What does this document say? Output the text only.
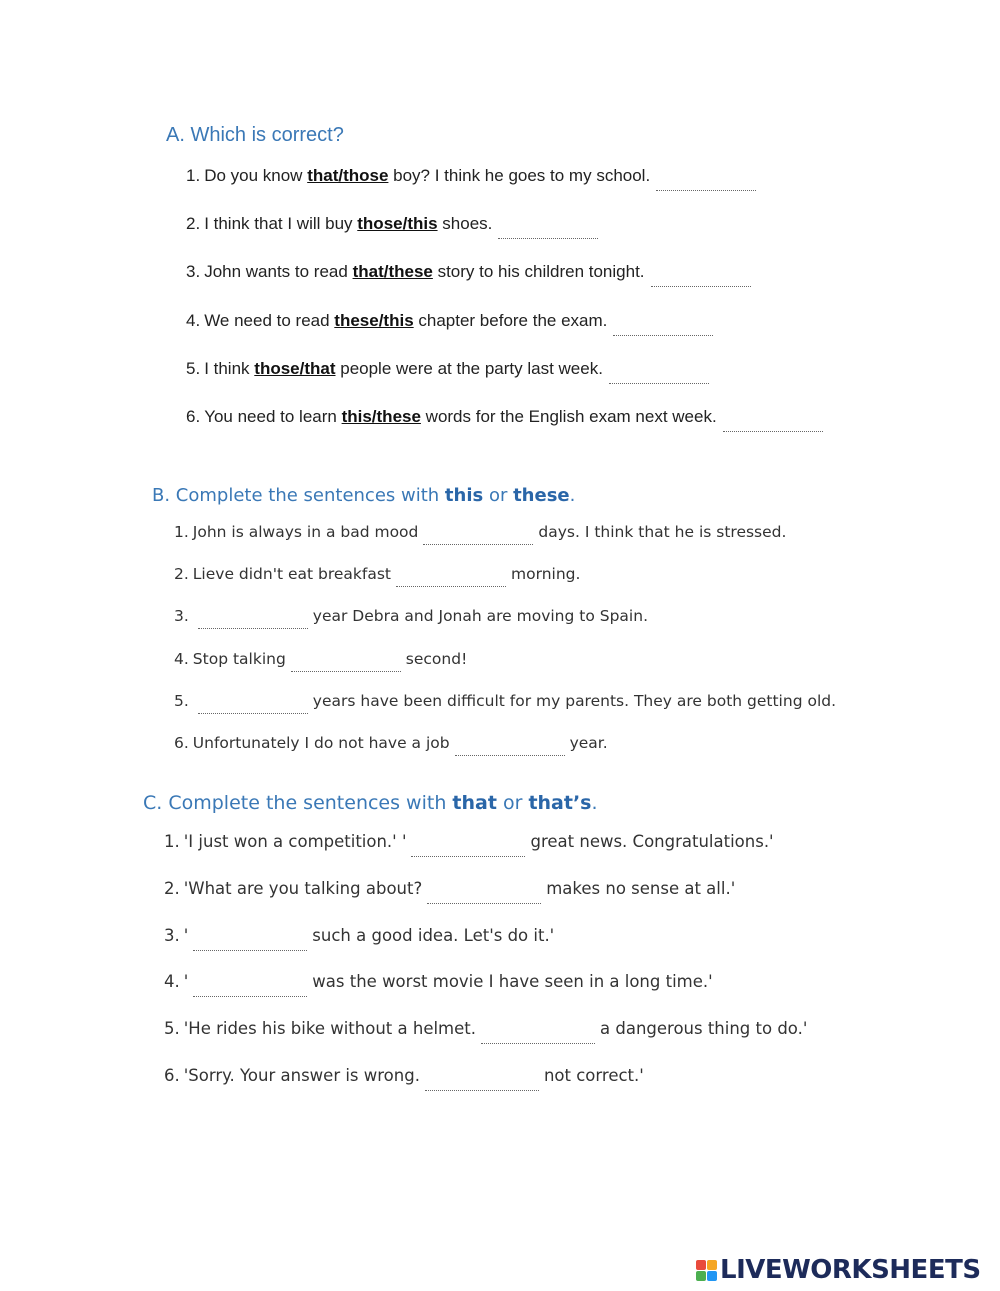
A. Which is correct?
1. Do you know that/those boy? I think he goes to my school.
2. I think that I will buy those/this shoes.
3. John wants to read that/these story to his children tonight.
4. We need to read these/this chapter before the exam.
5. I think those/that people were at the party last week.
6. You need to learn this/these words for the English exam next week.
B. Complete the sentences with this or these.
1. John is always in a bad mood	days. I think that he is stressed.
2. Lieve didn't eat breakfast	morning.
3.	year Debra and Jonah are moving to Spain.
4. Stop talking	second!
5.	years have been difficult for my parents. They are both getting old.
6. Unfortunately I do not have a job	year.
C. Complete the sentences with that or that’s.
1. 'I just won a competition.' '	great news. Congratulations.'
2. 'What are you talking about?	makes no sense at all.'
3. '	such a good idea. Let's do it.'
4. '	was the worst movie I have seen in a long time.'
5. 'He rides his bike without a helmet.	a dangerous thing to do.'
6. 'Sorry. Your answer is wrong.	not correct.'
LIVEWORKSHEETS
